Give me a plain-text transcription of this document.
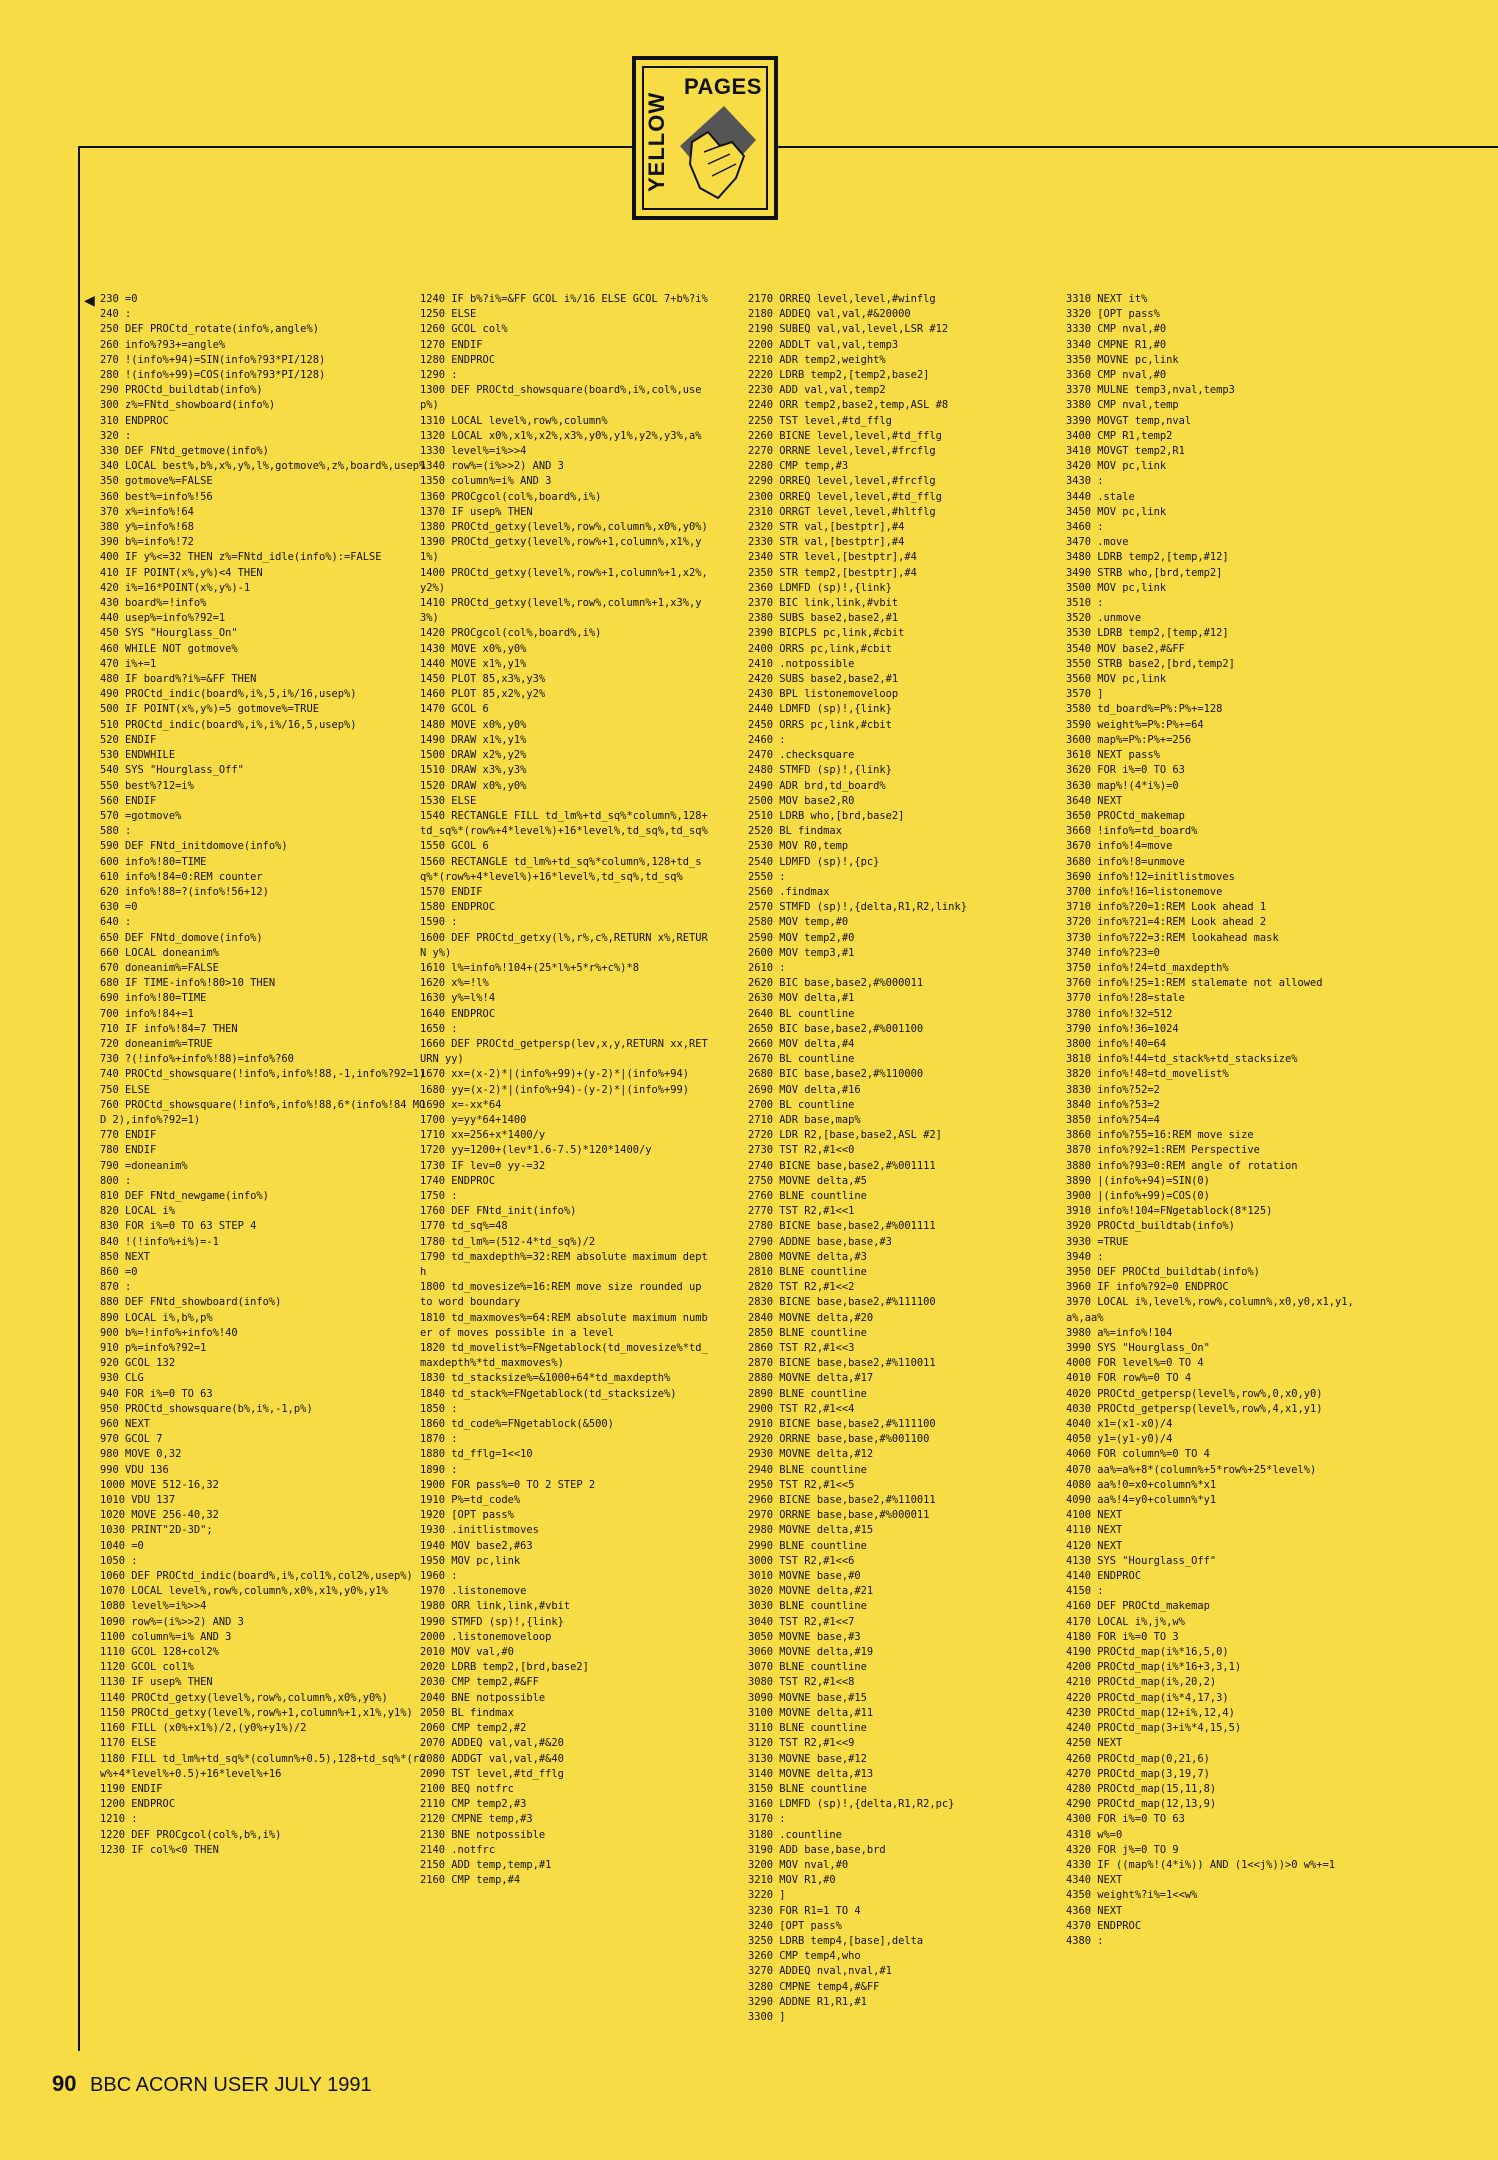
PAGES
YELLOW
◀ 230 =0
240 :
250 DEF PROCtd_rotate(info%,angle%)
260 info%?93+=angle%
270 !(info%+94)=SIN(info%?93*PI/128)
280 !(info%+99)=COS(info%?93*PI/128)
290 PROCtd_buildtab(info%)
300 z%=FNtd_showboard(info%)
310 ENDPROC
320 :
330 DEF FNtd_getmove(info%)
340 LOCAL best%,b%,x%,y%,l%,gotmove%,z%,board%,usep%
350 gotmove%=FALSE
360 best%=info%!56
370 x%=info%!64
380 y%=info%!68
390 b%=info%!72
400 IF y%<=32 THEN z%=FNtd_idle(info%):=FALSE
410 IF POINT(x%,y%)<4 THEN
420 i%=16*POINT(x%,y%)-1
430 board%=!info%
440 usep%=info%?92=1
450 SYS "Hourglass_On"
460 WHILE NOT gotmove%
470 i%+=1
480 IF board%?i%=&FF THEN
490 PROCtd_indic(board%,i%,5,i%/16,usep%)
500 IF POINT(x%,y%)=5 gotmove%=TRUE
510 PROCtd_indic(board%,i%,i%/16,5,usep%)
520 ENDIF
530 ENDWHILE
540 SYS "Hourglass_Off"
550 best%?12=i%
560 ENDIF
570 =gotmove%
580 :
590 DEF FNtd_initdomove(info%)
600 info%!80=TIME
610 info%!84=0:REM counter
620 info%!88=?(info%!56+12)
630 =0
640 :
650 DEF FNtd_domove(info%)
660 LOCAL doneanim%
670 doneanim%=FALSE
680 IF TIME-info%!80>10 THEN
690 info%!80=TIME
700 info%!84+=1
710 IF info%!84=7 THEN
720 doneanim%=TRUE
730 ?(!info%+info%!88)=info%?60
740 PROCtd_showsquare(!info%,info%!88,-1,info%?92=1)
750 ELSE
760 PROCtd_showsquare(!info%,info%!88,6*(info%!84 MOD 2),info%?92=1)
770 ENDIF
780 ENDIF
790 =doneanim%
800 :
810 DEF FNtd_newgame(info%)
820 LOCAL i%
830 FOR i%=0 TO 63 STEP 4
840 !(!info%+i%)=-1
850 NEXT
860 =0
870 :
880 DEF FNtd_showboard(info%)
890 LOCAL i%,b%,p%
900 b%=!info%+info%!40
910 p%=info%?92=1
920 GCOL 132
930 CLG
940 FOR i%=0 TO 63
950 PROCtd_showsquare(b%,i%,-1,p%)
960 NEXT
970 GCOL 7
980 MOVE 0,32
990 VDU 136
1000 MOVE 512-16,32
1010 VDU 137
1020 MOVE 256-40,32
1030 PRINT"2D-3D";
1040 =0
1050 :
1060 DEF PROCtd_indic(board%,i%,col1%,col2%,usep%)
1070 LOCAL level%,row%,column%,x0%,x1%,y0%,y1%
1080 level%=i%>>4
1090 row%=(i%>>2) AND 3
1100 column%=i% AND 3
1110 GCOL 128+col2%
1120 GCOL col1%
1130 IF usep% THEN
1140 PROCtd_getxy(level%,row%,column%,x0%,y0%)
1150 PROCtd_getxy(level%,row%+1,column%+1,x1%,y1%)
1160 FILL (x0%+x1%)/2,(y0%+y1%)/2
1170 ELSE
1180 FILL td_lm%+td_sq%*(column%+0.5),128+td_sq%*(row%+4*level%+0.5)+16*level%+16
1190 ENDIF
1200 ENDPROC
1210 :
1220 DEF PROCgcol(col%,b%,i%)
1230 IF col%<0 THEN
1240 IF b%?i%=&FF GCOL i%/16 ELSE GCOL 7+b%?i%
1250 ELSE
1260 GCOL col%
1270 ENDIF
1280 ENDPROC
1290 :
1300 DEF PROCtd_showsquare(board%,i%,col%,usep%)
1310 LOCAL level%,row%,column%
1320 LOCAL x0%,x1%,x2%,x3%,y0%,y1%,y2%,y3%,a%
1330 level%=i%>>4
1340 row%=(i%>>2) AND 3
1350 column%=i% AND 3
1360 PROCgcol(col%,board%,i%)
1370 IF usep% THEN
1380 PROCtd_getxy(level%,row%,column%,x0%,y0%)
1390 PROCtd_getxy(level%,row%+1,column%,x1%,y1%)
1400 PROCtd_getxy(level%,row%+1,column%+1,x2%,y2%)
1410 PROCtd_getxy(level%,row%,column%+1,x3%,y3%)
1420 PROCgcol(col%,board%,i%)
1430 MOVE x0%,y0%
1440 MOVE x1%,y1%
1450 PLOT 85,x3%,y3%
1460 PLOT 85,x2%,y2%
1470 GCOL 6
1480 MOVE x0%,y0%
1490 DRAW x1%,y1%
1500 DRAW x2%,y2%
1510 DRAW x3%,y3%
1520 DRAW x0%,y0%
1530 ELSE
1540 RECTANGLE FILL td_lm%+td_sq%*column%,128+td_sq%*(row%+4*level%)+16*level%,td_sq%,td_sq%
1550 GCOL 6
1560 RECTANGLE td_lm%+td_sq%*column%,128+td_sq%*(row%+4*level%)+16*level%,td_sq%,td_sq%
1570 ENDIF
1580 ENDPROC
1590 :
1600 DEF PROCtd_getxy(l%,r%,c%,RETURN x%,RETURN y%)
1610 l%=info%!104+(25*l%+5*r%+c%)*8
1620 x%=!l%
1630 y%=l%!4
1640 ENDPROC
1650 :
1660 DEF PROCtd_getpersp(lev,x,y,RETURN xx,RETURN yy)
1670 xx=(x-2)*|(info%+99)+(y-2)*|(info%+94)
1680 yy=(x-2)*|(info%+94)-(y-2)*|(info%+99)
1690 x=-xx*64
1700 y=yy*64+1400
1710 xx=256+x*1400/y
1720 yy=1200+(lev*1.6-7.5)*120*1400/y
1730 IF lev=0 yy-=32
1740 ENDPROC
1750 :
1760 DEF FNtd_init(info%)
1770 td_sq%=48
1780 td_lm%=(512-4*td_sq%)/2
1790 td_maxdepth%=32:REM absolute maximum depth
1800 td_movesize%=16:REM move size rounded up to word boundary
1810 td_maxmoves%=64:REM absolute maximum number of moves possible in a level
1820 td_movelist%=FNgetablock(td_movesize%*td_maxdepth%*td_maxmoves%)
1830 td_stacksize%=&1000+64*td_maxdepth%
1840 td_stack%=FNgetablock(td_stacksize%)
1850 :
1860 td_code%=FNgetablock(&500)
1870 :
1880 td_fflg=1<<10
1890 :
1900 FOR pass%=0 TO 2 STEP 2
1910 P%=td_code%
1920 [OPT pass%
1930 .initlistmoves
1940 MOV base2,#63
1950 MOV pc,link
1960 :
1970 .listonemove
1980 ORR link,link,#vbit
1990 STMFD (sp)!,{link}
2000 .listonemoveloop
2010 MOV val,#0
2020 LDRB temp2,[brd,base2]
2030 CMP temp2,#&FF
2040 BNE notpossible
2050 BL findmax
2060 CMP temp2,#2
2070 ADDEQ val,val,#&20
2080 ADDGT val,val,#&40
2090 TST level,#td_fflg
2100 BEQ notfrc
2110 CMP temp2,#3
2120 CMPNE temp,#3
2130 BNE notpossible
2140 .notfrc
2150 ADD temp,temp,#1
2160 CMP temp,#4
2170 ORREQ level,level,#winflg
2180 ADDEQ val,val,#&20000
2190 SUBEQ val,val,level,LSR #12
2200 ADDLT val,val,temp3
2210 ADR temp2,weight%
2220 LDRB temp2,[temp2,base2]
2230 ADD val,val,temp2
2240 ORR temp2,base2,temp,ASL #8
2250 TST level,#td_fflg
2260 BICNE level,level,#td_fflg
2270 ORRNE level,level,#frcflg
2280 CMP temp,#3
2290 ORREQ level,level,#frcflg
2300 ORREQ level,level,#td_fflg
2310 ORRGT level,level,#hltflg
2320 STR val,[bestptr],#4
2330 STR val,[bestptr],#4
2340 STR level,[bestptr],#4
2350 STR temp2,[bestptr],#4
2360 LDMFD (sp)!,{link}
2370 BIC link,link,#vbit
2380 SUBS base2,base2,#1
2390 BICPLS pc,link,#cbit
2400 ORRS pc,link,#cbit
2410 .notpossible
2420 SUBS base2,base2,#1
2430 BPL listonemoveloop
2440 LDMFD (sp)!,{link}
2450 ORRS pc,link,#cbit
2460 :
2470 .checksquare
2480 STMFD (sp)!,{link}
2490 ADR brd,td_board%
2500 MOV base2,R0
2510 LDRB who,[brd,base2]
2520 BL findmax
2530 MOV R0,temp
2540 LDMFD (sp)!,{pc}
2550 :
2560 .findmax
2570 STMFD (sp)!,{delta,R1,R2,link}
2580 MOV temp,#0
2590 MOV temp2,#0
2600 MOV temp3,#1
2610 :
2620 BIC base,base2,#%000011
2630 MOV delta,#1
2640 BL countline
2650 BIC base,base2,#%001100
2660 MOV delta,#4
2670 BL countline
2680 BIC base,base2,#%110000
2690 MOV delta,#16
2700 BL countline
2710 ADR base,map%
2720 LDR R2,[base,base2,ASL #2]
2730 TST R2,#1<<0
2740 BICNE base,base2,#%001111
2750 MOVNE delta,#5
2760 BLNE countline
2770 TST R2,#1<<1
2780 BICNE base,base2,#%001111
2790 ADDNE base,base,#3
2800 MOVNE delta,#3
2810 BLNE countline
2820 TST R2,#1<<2
2830 BICNE base,base2,#%111100
2840 MOVNE delta,#20
2850 BLNE countline
2860 TST R2,#1<<3
2870 BICNE base,base2,#%110011
2880 MOVNE delta,#17
2890 BLNE countline
2900 TST R2,#1<<4
2910 BICNE base,base2,#%111100
2920 ORRNE base,base,#%001100
2930 MOVNE delta,#12
2940 BLNE countline
2950 TST R2,#1<<5
2960 BICNE base,base2,#%110011
2970 ORRNE base,base,#%000011
2980 MOVNE delta,#15
2990 BLNE countline
3000 TST R2,#1<<6
3010 MOVNE base,#0
3020 MOVNE delta,#21
3030 BLNE countline
3040 TST R2,#1<<7
3050 MOVNE base,#3
3060 MOVNE delta,#19
3070 BLNE countline
3080 TST R2,#1<<8
3090 MOVNE base,#15
3100 MOVNE delta,#11
3110 BLNE countline
3120 TST R2,#1<<9
3130 MOVNE base,#12
3140 MOVNE delta,#13
3150 BLNE countline
3160 LDMFD (sp)!,{delta,R1,R2,pc}
3170 :
3180 .countline
3190 ADD base,base,brd
3200 MOV nval,#0
3210 MOV R1,#0
3220 ]
3230 FOR R1=1 TO 4
3240 [OPT pass%
3250 LDRB temp4,[base],delta
3260 CMP temp4,who
3270 ADDEQ nval,nval,#1
3280 CMPNE temp4,#&FF
3290 ADDNE R1,R1,#1
3300 ]
3310 NEXT it%
3320 [OPT pass%
3330 CMP nval,#0
3340 CMPNE R1,#0
3350 MOVNE pc,link
3360 CMP nval,#0
3370 MULNE temp3,nval,temp3
3380 CMP nval,temp
3390 MOVGT temp,nval
3400 CMP R1,temp2
3410 MOVGT temp2,R1
3420 MOV pc,link
3430 :
3440 .stale
3450 MOV pc,link
3460 :
3470 .move
3480 LDRB temp2,[temp,#12]
3490 STRB who,[brd,temp2]
3500 MOV pc,link
3510 :
3520 .unmove
3530 LDRB temp2,[temp,#12]
3540 MOV base2,#&FF
3550 STRB base2,[brd,temp2]
3560 MOV pc,link
3570 ]
3580 td_board%=P%:P%+=128
3590 weight%=P%:P%+=64
3600 map%=P%:P%+=256
3610 NEXT pass%
3620 FOR i%=0 TO 63
3630 map%!(4*i%)=0
3640 NEXT
3650 PROCtd_makemap
3660 !info%=td_board%
3670 info%!4=move
3680 info%!8=unmove
3690 info%!12=initlistmoves
3700 info%!16=listonemove
3710 info%?20=1:REM Look ahead 1
3720 info%?21=4:REM Look ahead 2
3730 info%?22=3:REM lookahead mask
3740 info%?23=0
3750 info%!24=td_maxdepth%
3760 info%!25=1:REM stalemate not allowed
3770 info%!28=stale
3780 info%!32=512
3790 info%!36=1024
3800 info%!40=64
3810 info%!44=td_stack%+td_stacksize%
3820 info%!48=td_movelist%
3830 info%?52=2
3840 info%?53=2
3850 info%?54=4
3860 info%?55=16:REM move size
3870 info%?92=1:REM Perspective
3880 info%?93=0:REM angle of rotation
3890 |(info%+94)=SIN(0)
3900 |(info%+99)=COS(0)
3910 info%!104=FNgetablock(8*125)
3920 PROCtd_buildtab(info%)
3930 =TRUE
3940 :
3950 DEF PROCtd_buildtab(info%)
3960 IF info%?92=0 ENDPROC
3970 LOCAL i%,level%,row%,column%,x0,y0,x1,y1,a%,aa%
3980 a%=info%!104
3990 SYS "Hourglass_On"
4000 FOR level%=0 TO 4
4010 FOR row%=0 TO 4
4020 PROCtd_getpersp(level%,row%,0,x0,y0)
4030 PROCtd_getpersp(level%,row%,4,x1,y1)
4040 x1=(x1-x0)/4
4050 y1=(y1-y0)/4
4060 FOR column%=0 TO 4
4070 aa%=a%+8*(column%+5*row%+25*level%)
4080 aa%!0=x0+column%*x1
4090 aa%!4=y0+column%*y1
4100 NEXT
4110 NEXT
4120 NEXT
4130 SYS "Hourglass_Off"
4140 ENDPROC
4150 :
4160 DEF PROCtd_makemap
4170 LOCAL i%,j%,w%
4180 FOR i%=0 TO 3
4190 PROCtd_map(i%*16,5,0)
4200 PROCtd_map(i%*16+3,3,1)
4210 PROCtd_map(i%,20,2)
4220 PROCtd_map(i%*4,17,3)
4230 PROCtd_map(12+i%,12,4)
4240 PROCtd_map(3+i%*4,15,5)
4250 NEXT
4260 PROCtd_map(0,21,6)
4270 PROCtd_map(3,19,7)
4280 PROCtd_map(15,11,8)
4290 PROCtd_map(12,13,9)
4300 FOR i%=0 TO 63
4310 w%=0
4320 FOR j%=0 TO 9
4330 IF ((map%!(4*i%)) AND (1<<j%))>0 w%+=1
4340 NEXT
4350 weight%?i%=1<<w%
4360 NEXT
4370 ENDPROC
4380 :
90 BBC ACORN USER JULY 1991
